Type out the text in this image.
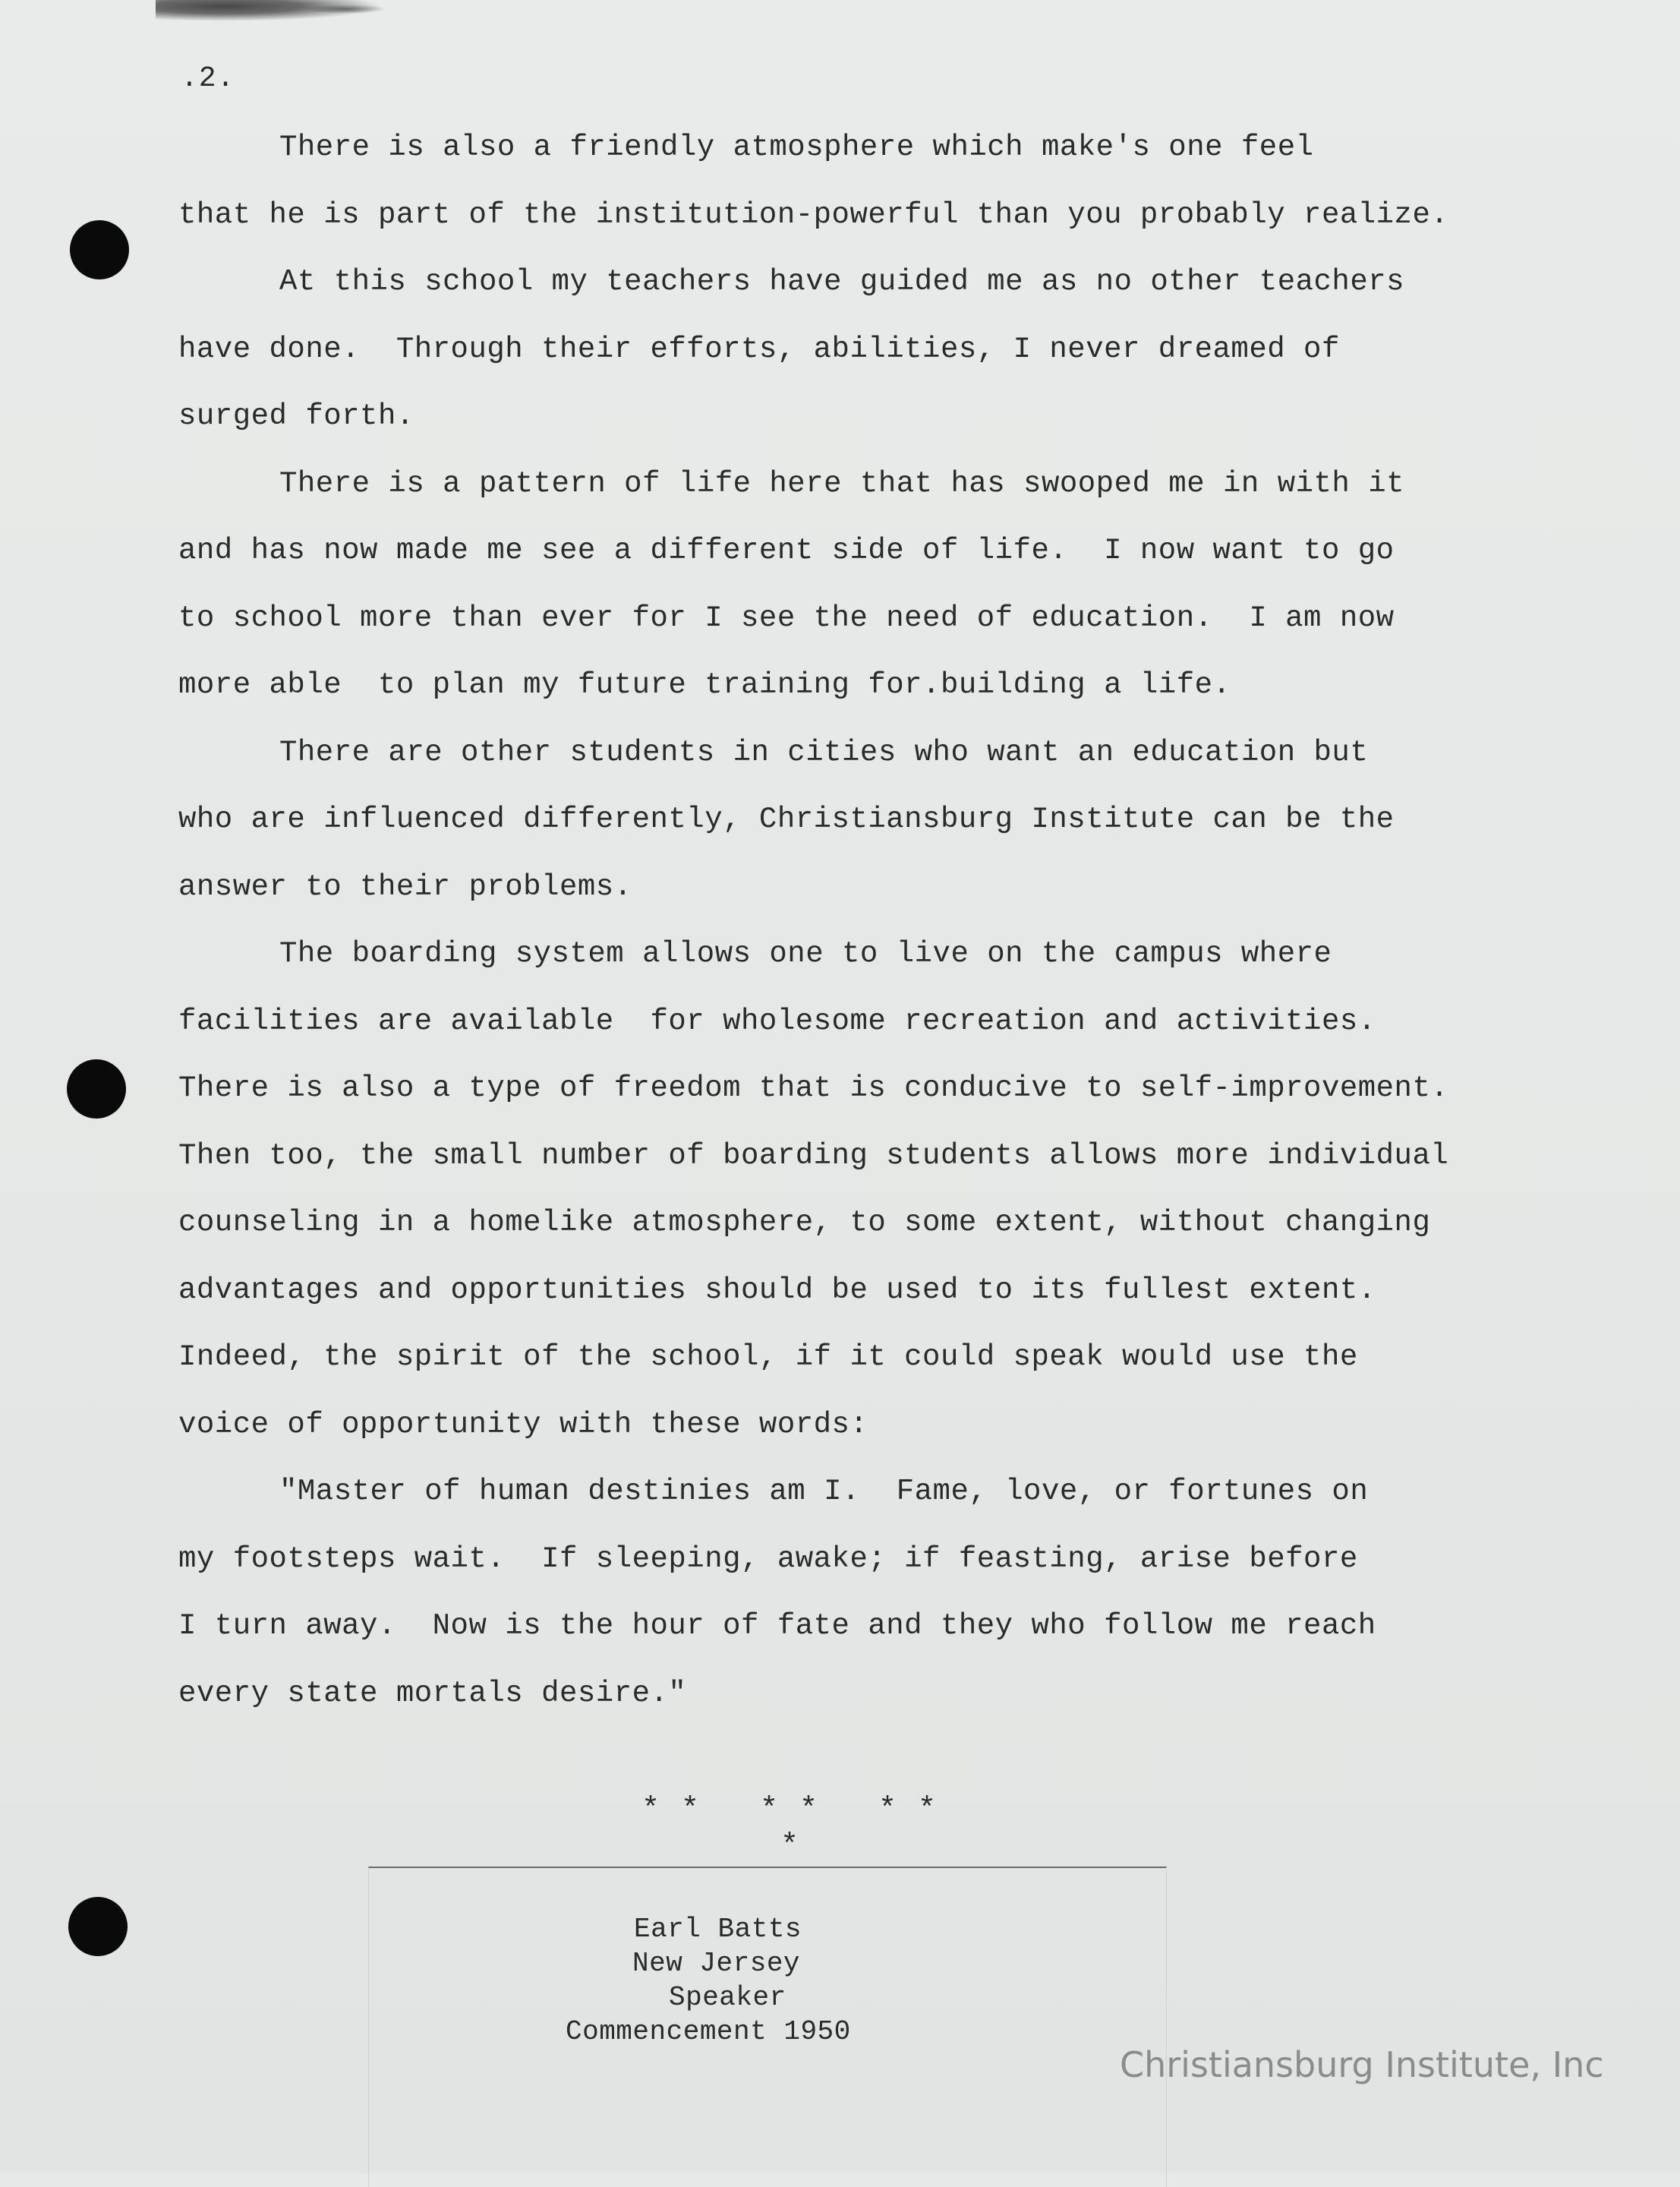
.2.

There is also a friendly atmosphere which make's one feel
that he is part of the institution-powerful than you probably realize.

At this school my teachers have guided me as no other teachers
have done.  Through their efforts, abilities, I never dreamed of
surged forth.

There is a pattern of life here that has swooped me in with it
and has now made me see a different side of life.  I now want to go
to school more than ever for I see the need of education.  I am now
more able  to plan my future training for.building a life.

There are other students in cities who want an education but
who are influenced differently, Christiansburg Institute can be the
answer to their problems.

The boarding system allows one to live on the campus where
facilities are available  for wholesome recreation and activities.
There is also a type of freedom that is conducive to self-improvement.
Then too, the small number of boarding students allows more individual
counseling in a homelike atmosphere, to some extent, without changing
advantages and opportunities should be used to its fullest extent.
Indeed, the spirit of the school, if it could speak would use the
voice of opportunity with these words:

"Master of human destinies am I.  Fame, love, or fortunes on
my footsteps wait.  If sleeping, awake; if feasting, arise before
I turn away.  Now is the hour of fate and they who follow me reach
every state mortals desire."

* *   * *   * *
*
Earl Batts
New Jersey
Speaker
Commencement 1950
Christiansburg Institute, Inc
